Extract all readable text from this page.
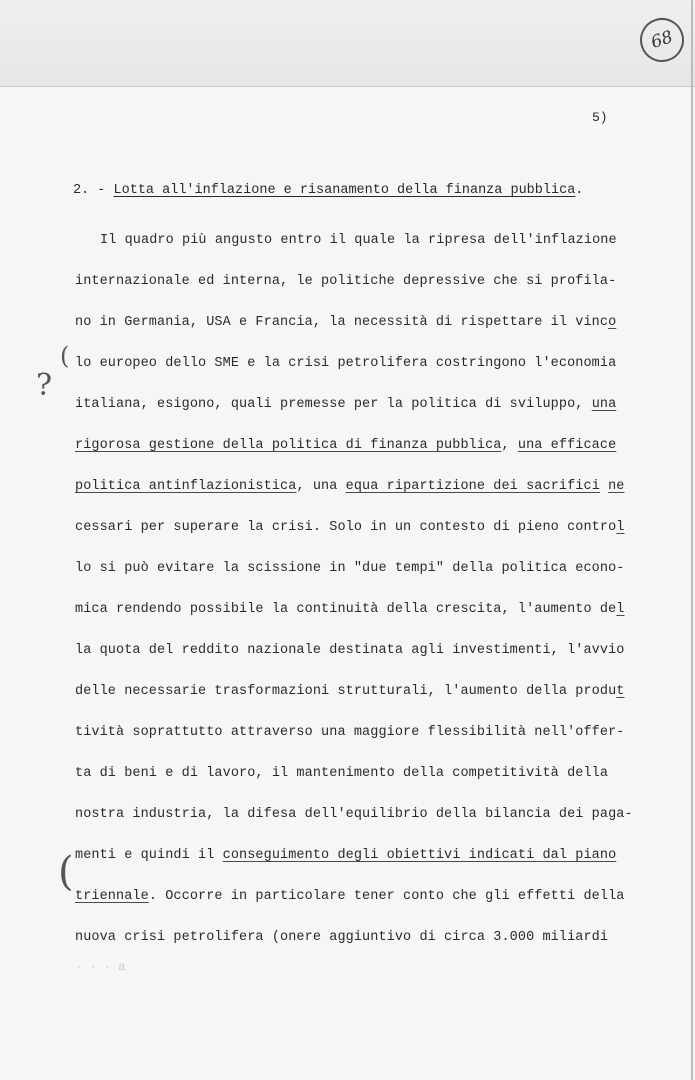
68
5)
2. - Lotta all'inflazione e risanamento della finanza pubblica.
(
?
(
Il quadro più angusto entro il quale la ripresa dell'inflazione
internazionale ed interna, le politiche depressive che si profila-
no in Germania, USA e Francia, la necessità di rispettare il vinco
lo europeo dello SME e la crisi petrolifera costringono l'economia
italiana, esigono, quali premesse per la politica di sviluppo, una
rigorosa gestione della politica di finanza pubblica, una efficace
politica antinflazionistica, una equa ripartizione dei sacrifici ne
cessari per superare la crisi. Solo in un contesto di pieno control
lo si può evitare la scissione in "due tempi" della politica econo-
mica rendendo possibile la continuità della crescita, l'aumento del
la quota del reddito nazionale destinata agli investimenti, l'avvio
delle necessarie trasformazioni strutturali, l'aumento della produt
tività soprattutto attraverso una maggiore flessibilità nell'offer-
ta di beni e di lavoro, il mantenimento della competitività della
nostra industria, la difesa dell'equilibrio della bilancia dei paga-
menti e quindi il conseguimento degli obiettivi indicati dal piano
triennale. Occorre in particolare tener conto che gli effetti della
nuova crisi petrolifera (onere aggiuntivo di circa 3.000 miliardi
· · · a
